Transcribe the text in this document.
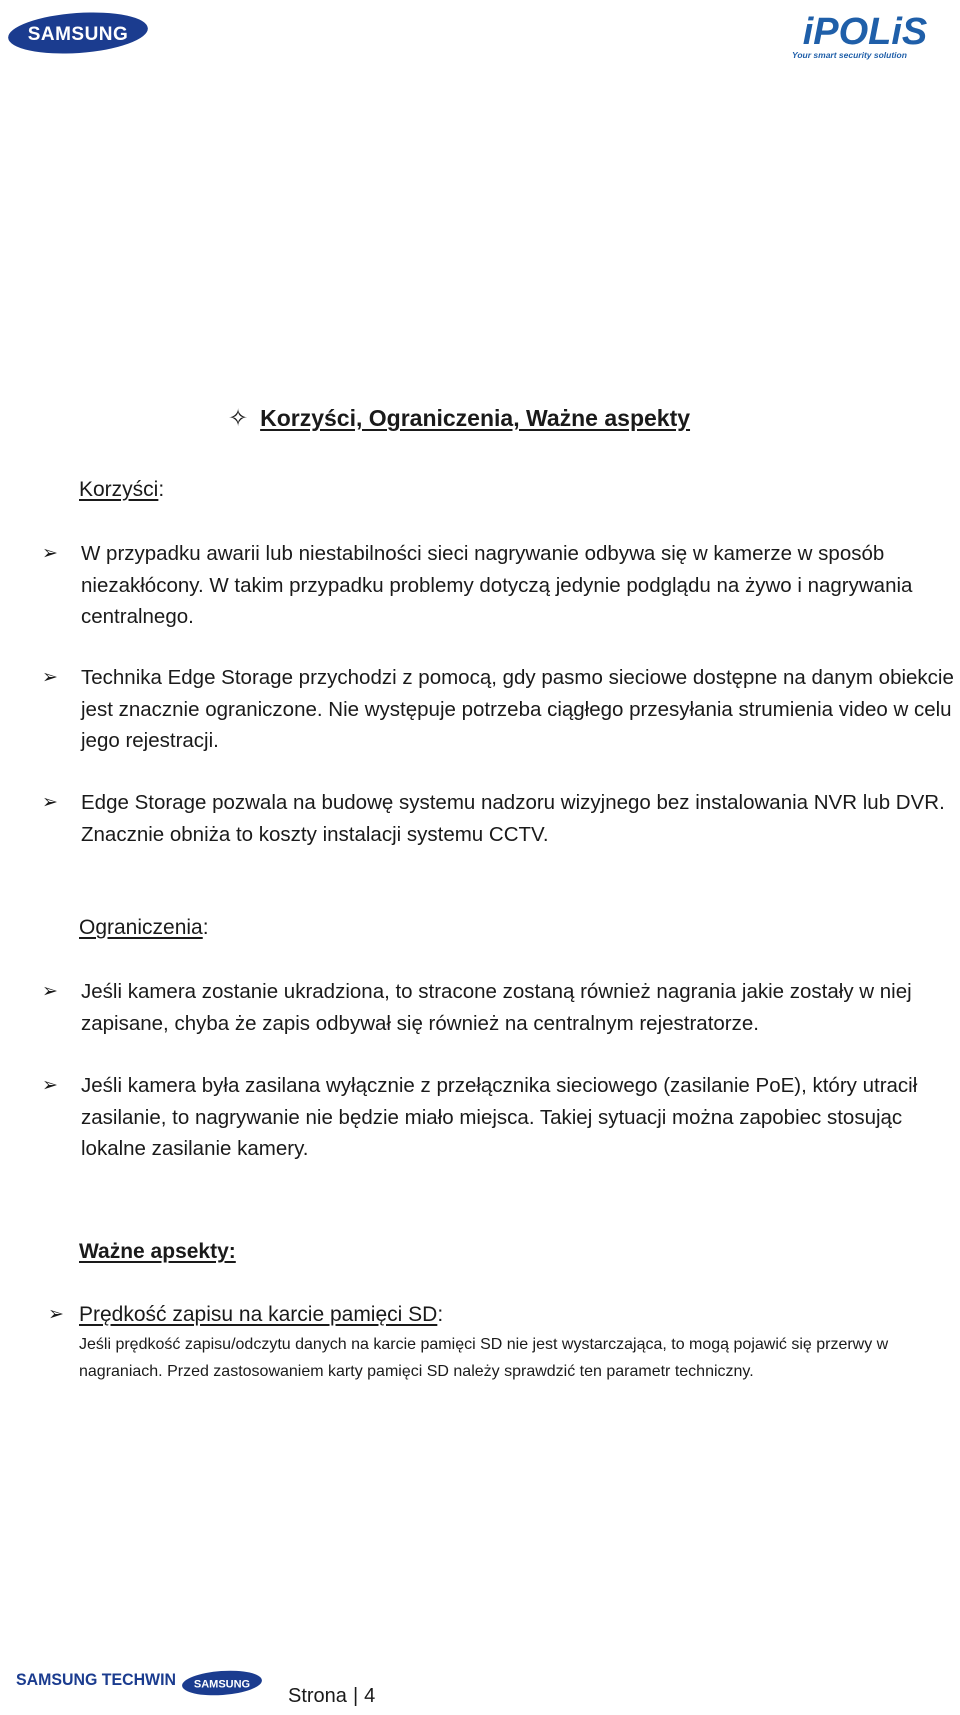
SAMSUNG	iPOLiS
Your smart security solution
✧ Korzyści, Ograniczenia, Ważne aspekty
Korzyści:
➢	W przypadku awarii lub niestabilności sieci nagrywanie odbywa się w kamerze w sposób niezakłócony. W takim przypadku problemy dotyczą jedynie podglądu na żywo i nagrywania centralnego.
➢	Technika Edge Storage przychodzi z pomocą, gdy pasmo sieciowe dostępne na danym obiekcie jest znacznie ograniczone. Nie występuje potrzeba ciągłego przesyłania strumienia video w celu jego rejestracji.
➢	Edge Storage pozwala na budowę systemu nadzoru wizyjnego bez instalowania NVR lub DVR. Znacznie obniża to koszty instalacji systemu CCTV.
Ograniczenia:
➢	Jeśli kamera zostanie ukradziona, to stracone zostaną również nagrania jakie zostały w niej zapisane, chyba że zapis odbywał się również na centralnym rejestratorze.
➢	Jeśli kamera była zasilana wyłącznie z przełącznika sieciowego (zasilanie PoE), który utracił zasilanie, to nagrywanie nie będzie miało miejsca. Takiej sytuacji można zapobiec stosując lokalne zasilanie kamery.
Ważne apsekty:
➢ Prędkość zapisu na karcie pamięci SD:
Jeśli prędkość zapisu/odczytu danych na karcie pamięci SD nie jest wystarczająca, to mogą pojawić się przerwy w nagraniach. Przed zastosowaniem karty pamięci SD należy sprawdzić ten parametr techniczny.
SAMSUNG TECHWIN SAMSUNG
Strona | 4
